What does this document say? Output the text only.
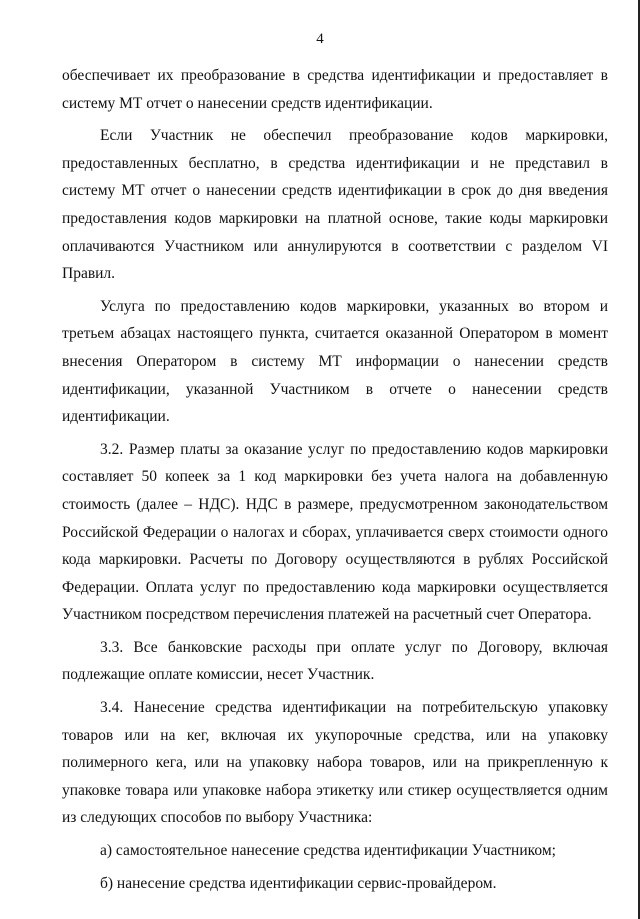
4

обеспечивает их преобразование в средства идентификации и предоставляет в систему МТ отчет о нанесении средств идентификации.

Если Участник не обеспечил преобразование кодов маркировки, предоставленных бесплатно, в средства идентификации и не представил в систему МТ отчет о нанесении средств идентификации в срок до дня введения предоставления кодов маркировки на платной основе, такие коды маркировки оплачиваются Участником или аннулируются в соответствии с разделом VI Правил.

Услуга по предоставлению кодов маркировки, указанных во втором и третьем абзацах настоящего пункта, считается оказанной Оператором в момент внесения Оператором в систему МТ информации о нанесении средств идентификации, указанной Участником в отчете о нанесении средств идентификации.

3.2. Размер платы за оказание услуг по предоставлению кодов маркировки составляет 50 копеек за 1 код маркировки без учета налога на добавленную стоимость (далее – НДС). НДС в размере, предусмотренном законодательством Российской Федерации о налогах и сборах, уплачивается сверх стоимости одного кода маркировки. Расчеты по Договору осуществляются в рублях Российской Федерации. Оплата услуг по предоставлению кода маркировки осуществляется Участником посредством перечисления платежей на расчетный счет Оператора.

3.3. Все банковские расходы при оплате услуг по Договору, включая подлежащие оплате комиссии, несет Участник.

3.4. Нанесение средства идентификации на потребительскую упаковку товаров или на кег, включая их укупорочные средства, или на упаковку полимерного кега, или на упаковку набора товаров, или на прикрепленную к упаковке товара или упаковке набора этикетку или стикер осуществляется одним из следующих способов по выбору Участника:

а) самостоятельное нанесение средства идентификации Участником;

б) нанесение средства идентификации сервис-провайдером.
